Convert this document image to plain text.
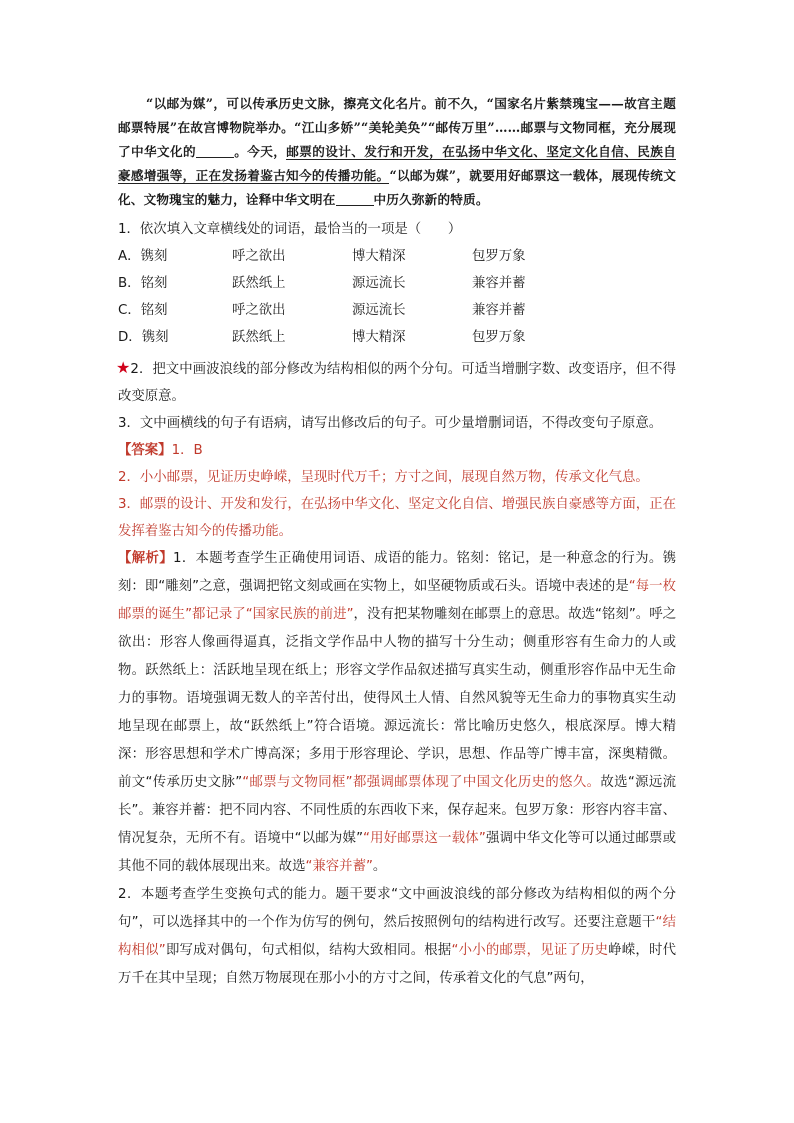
“以邮为媒”，可以传承历史文脉，擦亮文化名片。前不久，“国家名片紫禁瑰宝——故宫主题邮票特展”在故宫博物院举办。“江山多娇”“美轮美奂”“邮传万里”……邮票与文物同框，充分展现了中华文化的	。今天，邮票的设计、发行和开发，在弘扬中华文化、坚定文化自信、民族自豪感增强等，正在发扬着鉴古知今的传播功能。“以邮为媒”，就要用好邮票这一载体，展现传统文化、文物瑰宝的魅力，诠释中华文明在	中历久弥新的特质。

1．依次填入文章横线处的词语，最恰当的一项是（　　）

A．镌刻	呼之欲出	博大精深	包罗万象
B．铭刻	跃然纸上	源远流长	兼容并蓄
C．铭刻	呼之欲出	源远流长	兼容并蓄
D．镌刻	跃然纸上	博大精深	包罗万象

★2．把文中画波浪线的部分修改为结构相似的两个分句。可适当增删字数、改变语序，但不得改变原意。

3．文中画横线的句子有语病，请写出修改后的句子。可少量增删词语，不得改变句子原意。

【答案】1．B

2．小小邮票，见证历史峥嵘，呈现时代万千；方寸之间，展现自然万物，传承文化气息。

3．邮票的设计、开发和发行，在弘扬中华文化、坚定文化自信、增强民族自豪感等方面，正在发挥着鉴古知今的传播功能。

【解析】1．本题考查学生正确使用词语、成语的能力。铭刻：铭记，是一种意念的行为。镌刻：即“雕刻”之意，强调把铭文刻或画在实物上，如坚硬物质或石头。语境中表述的是“每一枚邮票的诞生”都记录了“国家民族的前进”，没有把某物雕刻在邮票上的意思。故选“铭刻”。呼之欲出：形容人像画得逼真，泛指文学作品中人物的描写十分生动；侧重形容有生命力的人或物。跃然纸上：活跃地呈现在纸上；形容文学作品叙述描写真实生动，侧重形容作品中无生命力的事物。语境强调无数人的辛苦付出，使得风土人情、自然风貌等无生命力的事物真实生动地呈现在邮票上，故“跃然纸上”符合语境。源远流长：常比喻历史悠久，根底深厚。博大精深：形容思想和学术广博高深；多用于形容理论、学识，思想、作品等广博丰富，深奥精微。前文“传承历史文脉”“邮票与文物同框”都强调邮票体现了中国文化历史的悠久。故选“源远流长”。兼容并蓄：把不同内容、不同性质的东西收下来，保存起来。包罗万象：形容内容丰富、情况复杂，无所不有。语境中“以邮为媒”“用好邮票这一载体”强调中华文化等可以通过邮票或其他不同的载体展现出来。故选“兼容并蓄”。

2．本题考查学生变换句式的能力。题干要求“文中画波浪线的部分修改为结构相似的两个分句”，可以选择其中的一个作为仿写的例句，然后按照例句的结构进行改写。还要注意题干“结构相似”即写成对偶句，句式相似，结构大致相同。根据“小小的邮票，见证了历史峥嵘，时代万千在其中呈现；自然万物展现在那小小的方寸之间，传承着文化的气息”两句，
